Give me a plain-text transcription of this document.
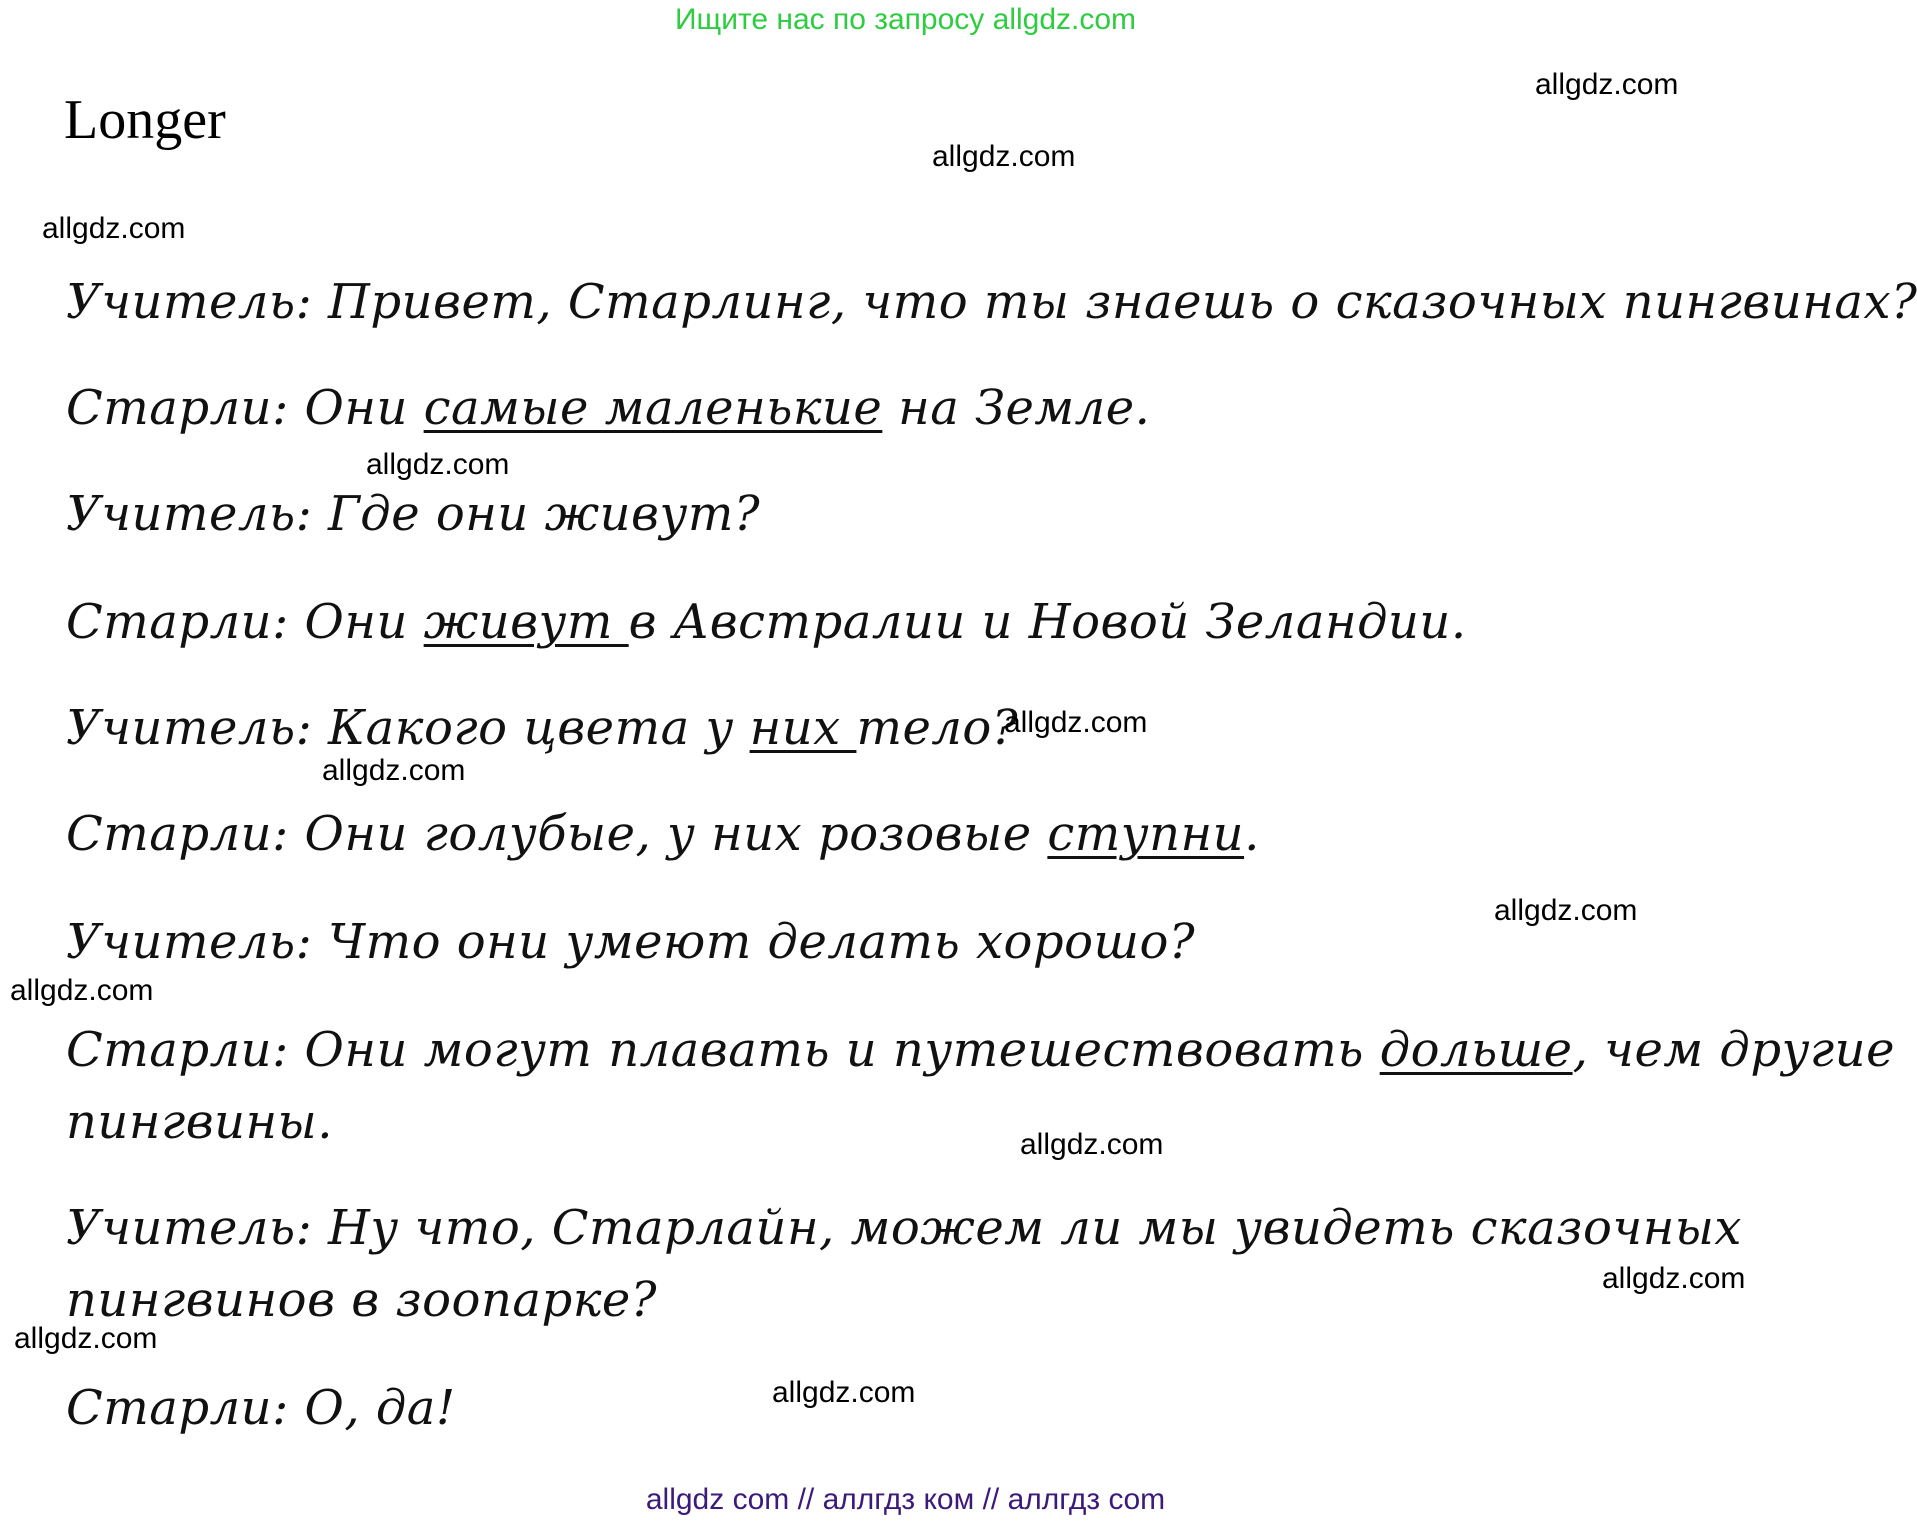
Ищите нас по запросу allgdz.com
Longer
Учитель: Привет, Старлинг, что ты знаешь о сказочных пингвинах?
Старли: Они самые маленькие на Земле.
Учитель: Где они живут?
Старли: Они живут в Австралии и Новой Зеландии.
Учитель: Какого цвета у них тело?
Старли: Они голубые, у них розовые ступни.
Учитель: Что они умеют делать хорошо?
Старли: Они могут плавать и путешествовать дольше, чем другие
пингвины.
Учитель: Ну что, Старлайн, можем ли мы увидеть сказочных
пингвинов в зоопарке?
Старли: О, да!
allgdz.com
allgdz.com
allgdz.com
allgdz.com
allgdz.com
allgdz.com
allgdz.com
allgdz.com
allgdz.com
allgdz.com
allgdz.com
allgdz.com
allgdz com // аллгдз ком // аллгдз com
